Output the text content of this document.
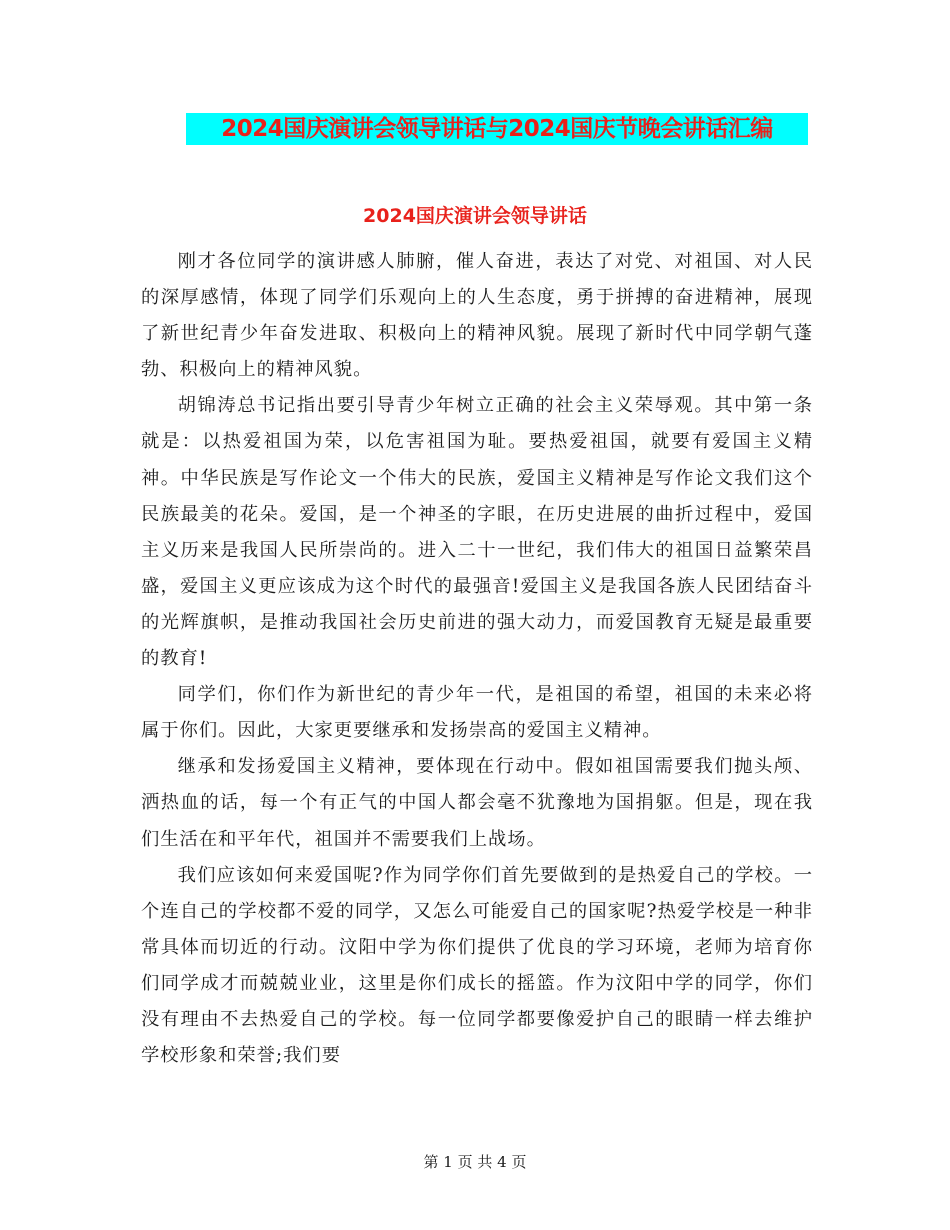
2024国庆演讲会领导讲话与2024国庆节晚会讲话汇编
2024国庆演讲会领导讲话

刚才各位同学的演讲感人肺腑，催人奋进，表达了对党、对祖国、对人民的深厚感情，体现了同学们乐观向上的人生态度，勇于拼搏的奋进精神，展现了新世纪青少年奋发进取、积极向上的精神风貌。展现了新时代中同学朝气蓬勃、积极向上的精神风貌。

胡锦涛总书记指出要引导青少年树立正确的社会主义荣辱观。其中第一条就是：以热爱祖国为荣，以危害祖国为耻。要热爱祖国，就要有爱国主义精神。中华民族是写作论文一个伟大的民族，爱国主义精神是写作论文我们这个民族最美的花朵。爱国，是一个神圣的字眼，在历史进展的曲折过程中，爱国主义历来是我国人民所崇尚的。进入二十一世纪，我们伟大的祖国日益繁荣昌盛，爱国主义更应该成为这个时代的最强音!爱国主义是我国各族人民团结奋斗的光辉旗帜，是推动我国社会历史前进的强大动力，而爱国教育无疑是最重要的教育!

同学们，你们作为新世纪的青少年一代，是祖国的希望，祖国的未来必将属于你们。因此，大家更要继承和发扬崇高的爱国主义精神。

继承和发扬爱国主义精神，要体现在行动中。假如祖国需要我们抛头颅、洒热血的话，每一个有正气的中国人都会毫不犹豫地为国捐躯。但是，现在我们生活在和平年代，祖国并不需要我们上战场。

我们应该如何来爱国呢?作为同学你们首先要做到的是热爱自己的学校。一个连自己的学校都不爱的同学，又怎么可能爱自己的国家呢?热爱学校是一种非常具体而切近的行动。汶阳中学为你们提供了优良的学习环境，老师为培育你们同学成才而兢兢业业，这里是你们成长的摇篮。作为汶阳中学的同学，你们没有理由不去热爱自己的学校。每一位同学都要像爱护自己的眼睛一样去维护学校形象和荣誉;我们要

第 1 页 共 4 页
